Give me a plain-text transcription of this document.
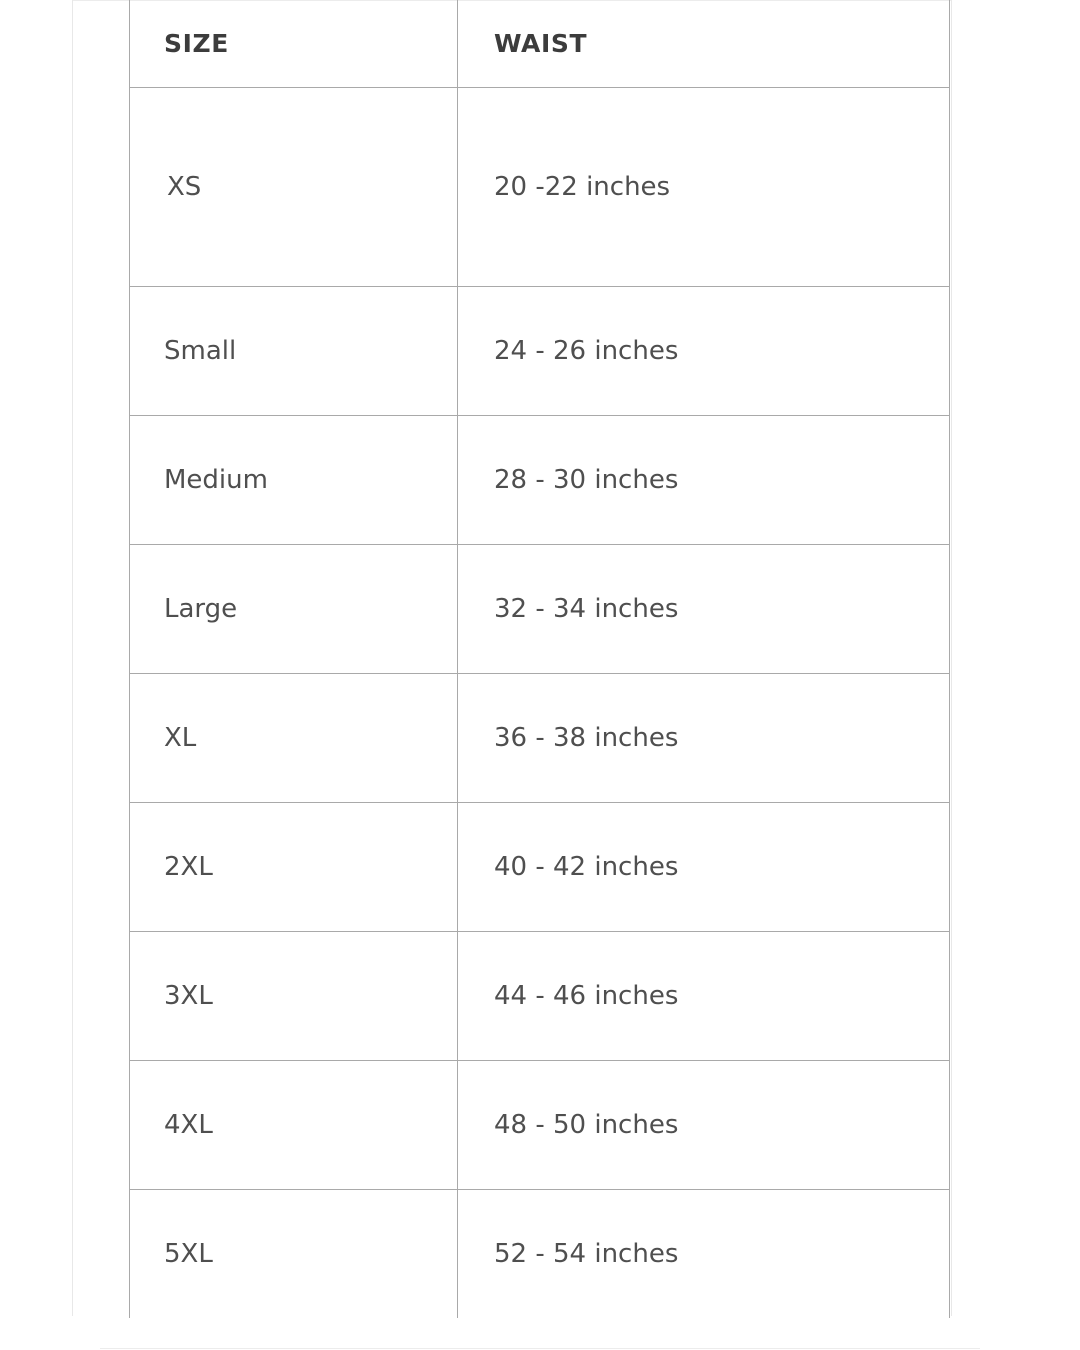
SIZE	WAIST
XS	20 -22 inches
Small	24 - 26 inches
Medium	28 - 30 inches
Large	32 - 34 inches
XL	36 - 38 inches
2XL	40 - 42 inches
3XL	44 - 46 inches
4XL	48 - 50 inches
5XL	52 - 54 inches
